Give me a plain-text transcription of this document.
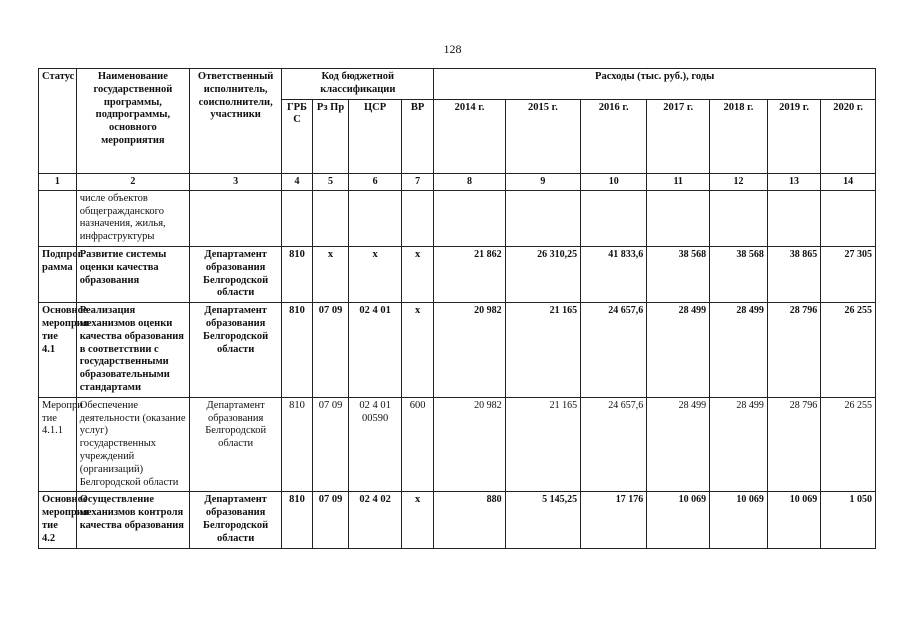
128
Статус	Наименование государственной программы, подпрограммы, основного мероприятия	Ответственный исполнитель, соисполнители, участники	Код бюджетной классификации				Расходы (тыс. руб.), годы						
			ГРБ С	Рз Пр	ЦСР	ВР	2014 г.	2015 г.	2016 г.	2017 г.	2018 г.	2019 г.	2020 г.
1	2	3	4	5	6	7	8	9	10	11	12	13	14
	числе объектов общегражданского назначения, жилья, инфраструктуры												
Подпрог рамма	Развитие системы оценки качества образования	Департамент образования Белгородской области	810	x	x	x	21 862	26 310,25	41 833,6	38 568	38 568	38 865	27 305
Основное мероприя тие 4.1	Реализация механизмов оценки качества образования в соответствии с государственными образовательными стандартами	Департамент образования Белгородской области	810	07 09	02 4 01	x	20 982	21 165	24 657,6	28 499	28 499	28 796	26 255
Меропри тие 4.1.1	Обеспечение деятельности (оказание услуг) государственных учреждений (организаций) Белгородской области	Департамент образования Белгородской области	810	07 09	02 4 01 00590	600	20 982	21 165	24 657,6	28 499	28 499	28 796	26 255
Основное мероприя тие 4.2	Осуществление механизмов контроля качества образования	Департамент образования Белгородской области	810	07 09	02 4 02	x	880	5 145,25	17 176	10 069	10 069	10 069	1 050
